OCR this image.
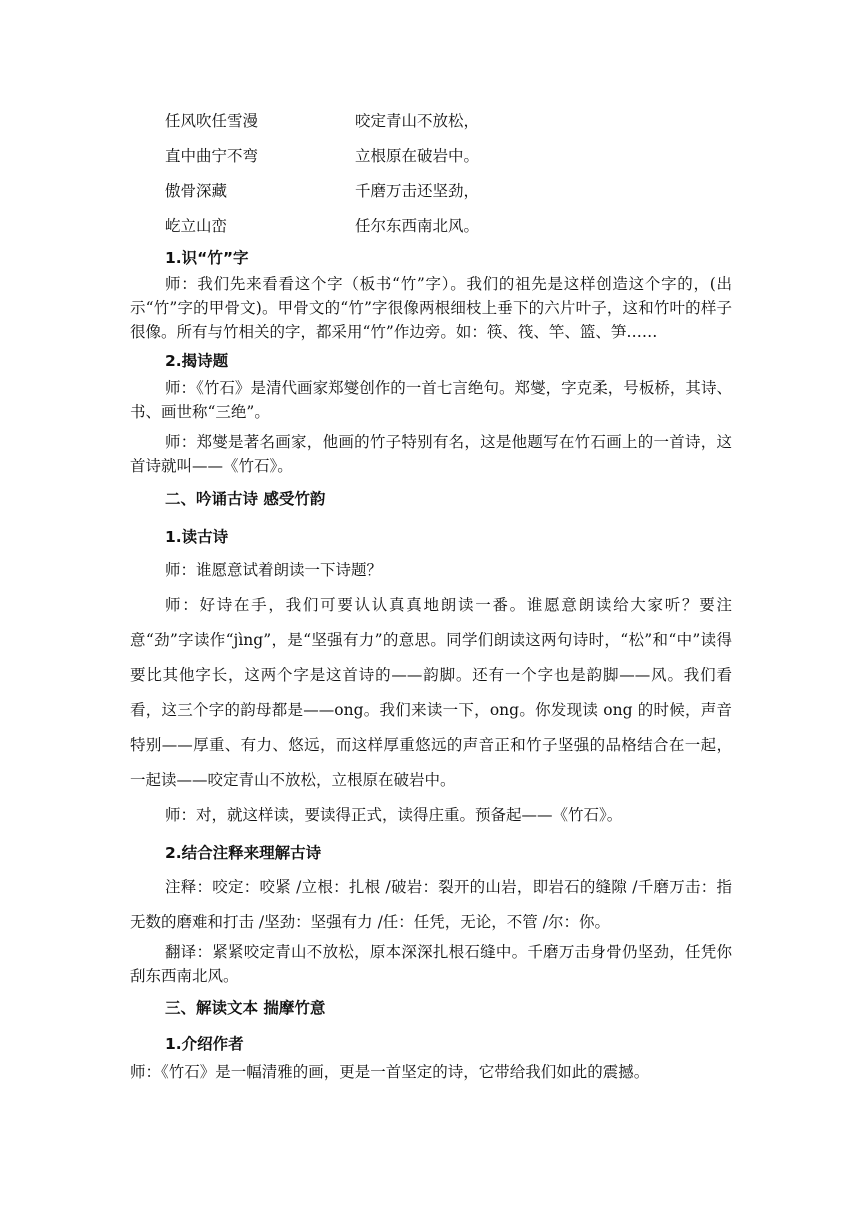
任风吹任雪漫	咬定青山不放松，
直中曲宁不弯	立根原在破岩中。
傲骨深藏	千磨万击还坚劲，
屹立山峦	任尔东西南北风。

1.识“竹”字

师：我们先来看看这个字（板书“竹”字）。我们的祖先是这样创造这个字的，(出示“竹”字的甲骨文)。甲骨文的“竹”字很像两根细枝上垂下的六片叶子，这和竹叶的样子很像。所有与竹相关的字，都采用“竹”作边旁。如：筷、筏、竿、篮、笋……

2.揭诗题

师：《竹石》是清代画家郑燮创作的一首七言绝句。郑燮，字克柔，号板桥，其诗、书、画世称“三绝”。

师：郑燮是著名画家，他画的竹子特别有名，这是他题写在竹石画上的一首诗，这首诗就叫——《竹石》。

二、吟诵古诗 感受竹韵

1.读古诗

师：谁愿意试着朗读一下诗题？

师：好诗在手，我们可要认认真真地朗读一番。谁愿意朗读给大家听？要注意“劲”字读作“jìng”，是“坚强有力”的意思。同学们朗读这两句诗时，“松”和“中”读得要比其他字长，这两个字是这首诗的——韵脚。还有一个字也是韵脚——风。我们看看，这三个字的韵母都是——ong。我们来读一下，ong。你发现读 ong 的时候，声音特别——厚重、有力、悠远，而这样厚重悠远的声音正和竹子坚强的品格结合在一起，一起读——咬定青山不放松，立根原在破岩中。

师：对，就这样读，要读得正式，读得庄重。预备起——《竹石》。

2.结合注释来理解古诗

注释：咬定：咬紧 /立根：扎根 /破岩：裂开的山岩，即岩石的缝隙 /千磨万击：指无数的磨难和打击 /坚劲：坚强有力 /任：任凭，无论，不管 /尔：你。

翻译：紧紧咬定青山不放松，原本深深扎根石缝中。千磨万击身骨仍坚劲，任凭你刮东西南北风。

三、解读文本 揣摩竹意

1.介绍作者

师：《竹石》是一幅清雅的画，更是一首坚定的诗，它带给我们如此的震撼。
